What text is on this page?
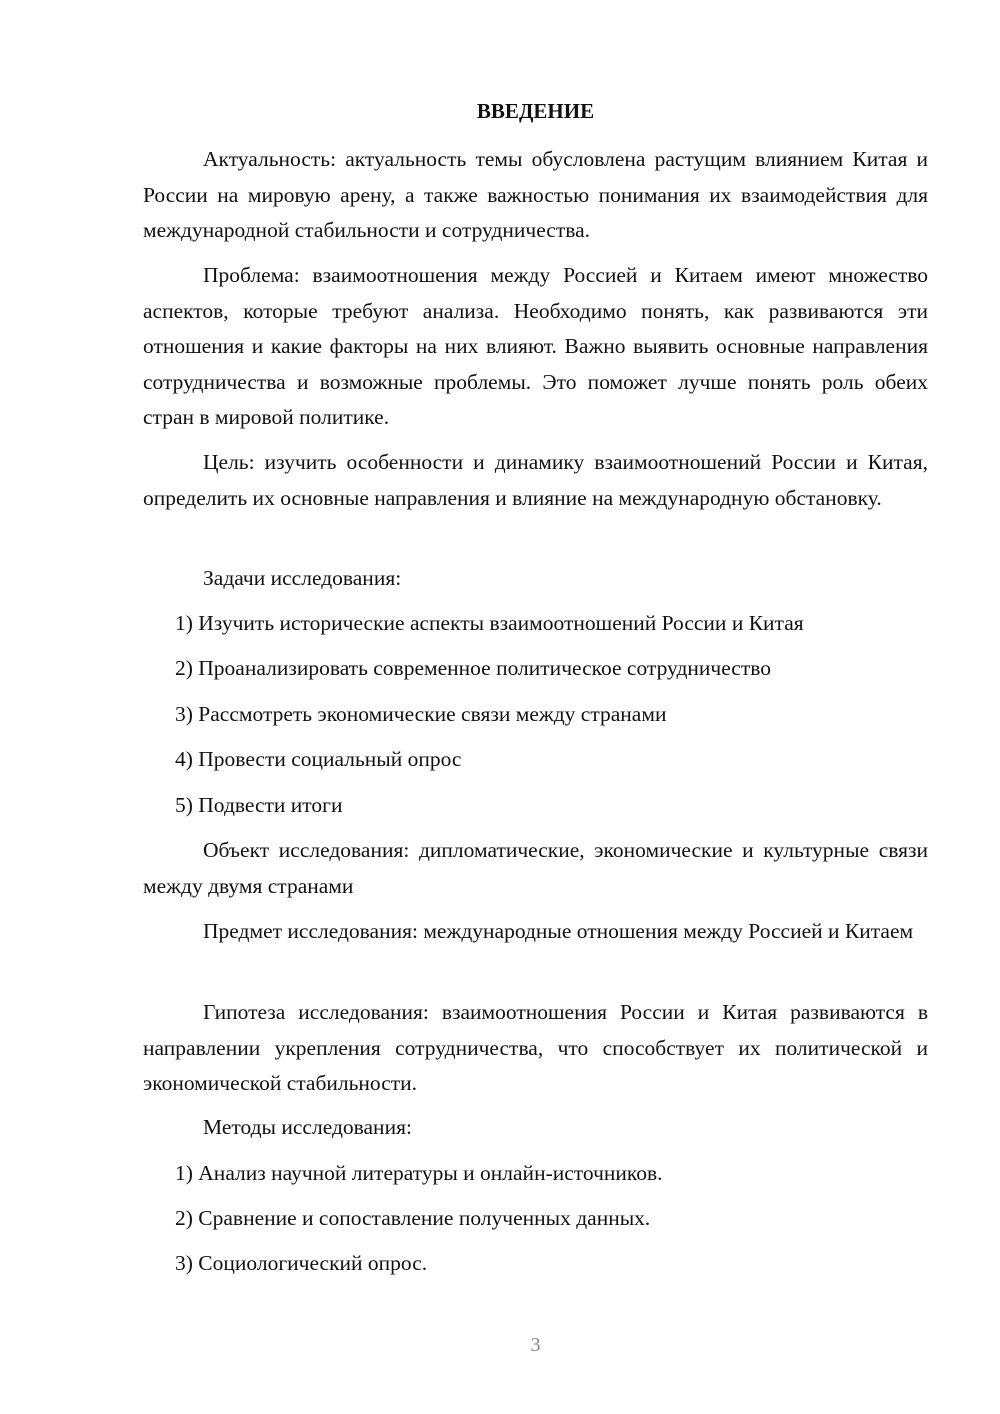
ВВЕДЕНИЕ

Актуальность: актуальность темы обусловлена растущим влиянием Китая и России на мировую арену, а также важностью понимания их взаимодействия для международной стабильности и сотрудничества.

Проблема: взаимоотношения между Россией и Китаем имеют множество аспектов, которые требуют анализа. Необходимо понять, как развиваются эти отношения и какие факторы на них влияют. Важно выявить основные направления сотрудничества и возможные проблемы. Это поможет лучше понять роль обеих стран в мировой политике.

Цель: изучить особенности и динамику взаимоотношений России и Китая, определить их основные направления и влияние на международную обстановку.

Задачи исследования:

1) Изучить исторические аспекты взаимоотношений России и Китая

2) Проанализировать современное политическое сотрудничество

3) Рассмотреть экономические связи между странами

4) Провести социальный опрос

5) Подвести итоги

Объект исследования: дипломатические, экономические и культурные связи между двумя странами

Предмет исследования: международные отношения между Россией и Китаем

Гипотеза исследования: взаимоотношения России и Китая развиваются в направлении укрепления сотрудничества, что способствует их политической и экономической стабильности.

Методы исследования:

1) Анализ научной литературы и онлайн-источников.

2) Сравнение и сопоставление полученных данных.

3) Социологический опрос.

3
